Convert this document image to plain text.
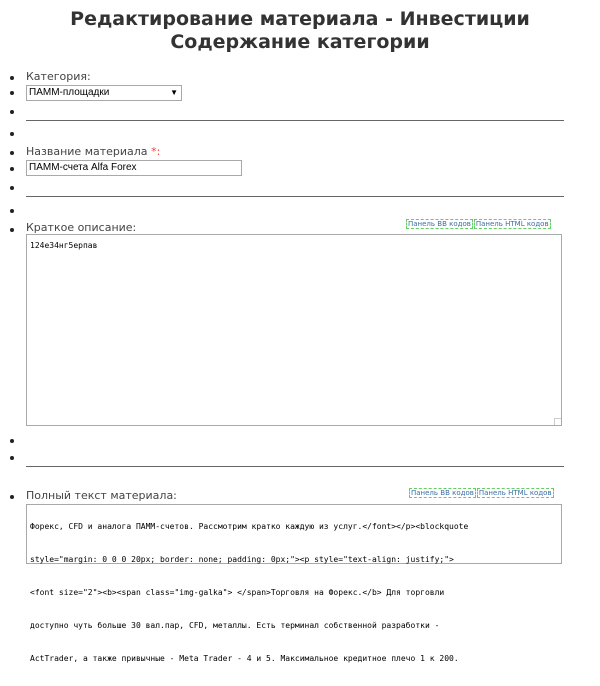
Редактирование материала - Инвестиции Содержание категории
Категория:
ПАММ-площадки	▼
Название материала *:
ПАММ-счета Alfa Forex
Краткое описание:	Панель BB кодов Панель HTML кодов
124е34нг5ерпав
Полный текст материала:	Панель BB кодов Панель HTML кодов

Форекс, CFD и аналога ПАММ-счетов. Рассмотрим кратко каждую из услуг.</font></p><blockquote

style="margin: 0 0 0 20px; border: none; padding: 0px;"><p style="text-align: justify;">

<font size="2"><b><span class="img-galka"> </span>Торговля на Форекс.</b> Для торговли

доступно чуть больше 30 вал.пар, CFD, металлы. Есть терминал собственной разработки -

ActTrader, а также привычные - Meta Trader - 4 и 5. Максимальное кредитное плечо 1 к 200.
